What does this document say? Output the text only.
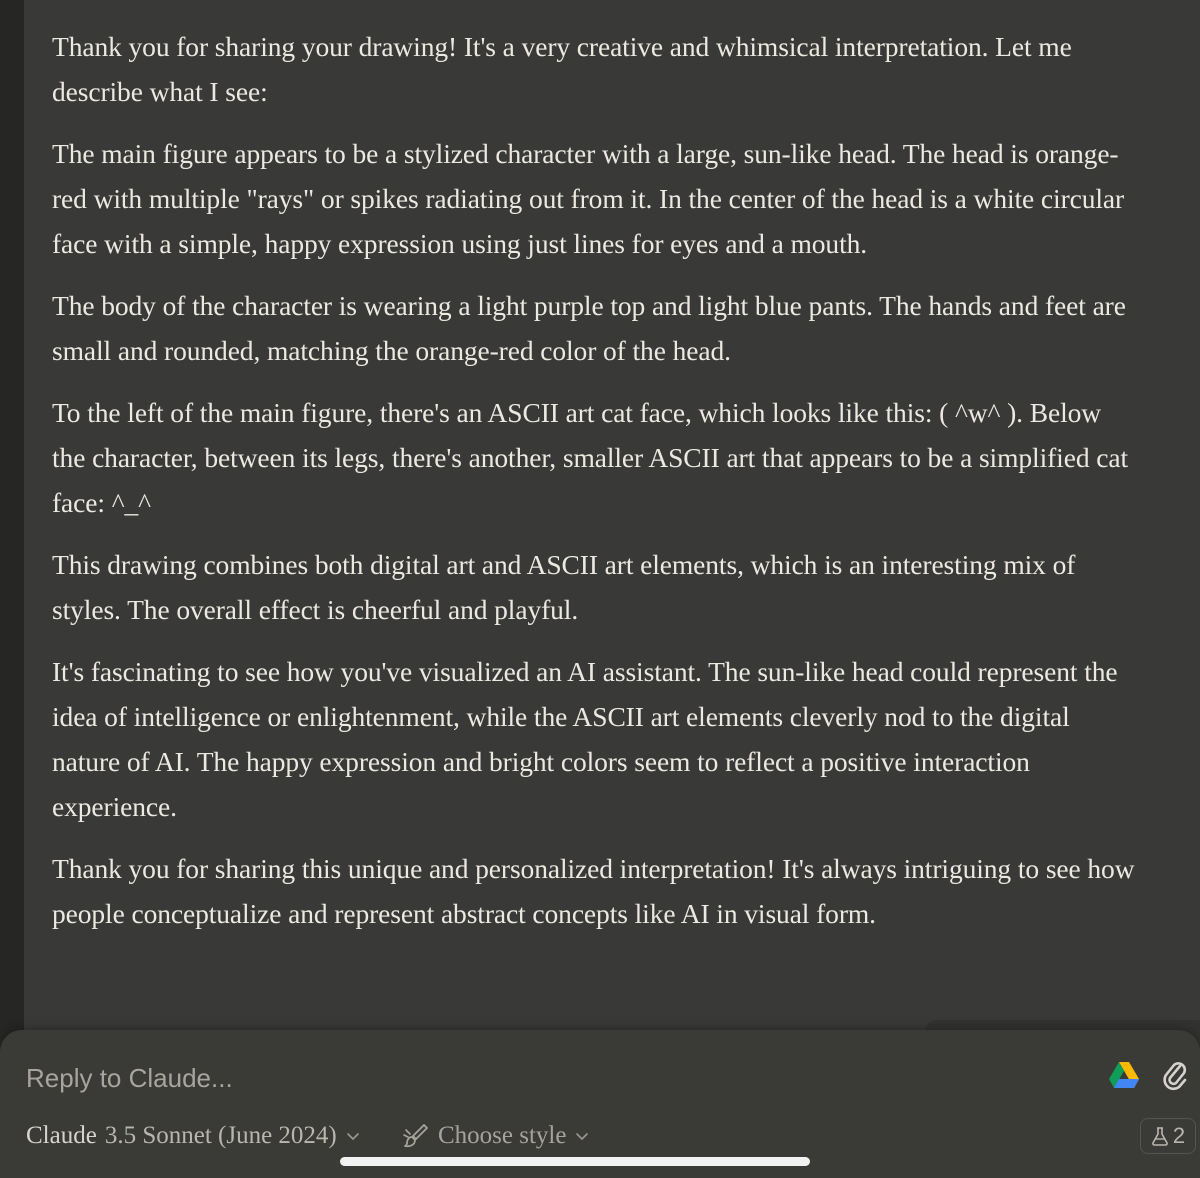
Thank you for sharing your drawing! It's a very creative and whimsical interpretation. Let me describe what I see:

The main figure appears to be a stylized character with a large, sun-like head. The head is orange-red with multiple "rays" or spikes radiating out from it. In the center of the head is a white circular face with a simple, happy expression using just lines for eyes and a mouth.

The body of the character is wearing a light purple top and light blue pants. The hands and feet are small and rounded, matching the orange-red color of the head.

To the left of the main figure, there's an ASCII art cat face, which looks like this: ( ^w^ ). Below the character, between its legs, there's another, smaller ASCII art that appears to be a simplified cat face: ^_^

This drawing combines both digital art and ASCII art elements, which is an interesting mix of styles. The overall effect is cheerful and playful.

It's fascinating to see how you've visualized an AI assistant. The sun-like head could represent the idea of intelligence or enlightenment, while the ASCII art elements cleverly nod to the digital nature of AI. The happy expression and bright colors seem to reflect a positive interaction experience.

Thank you for sharing this unique and personalized interpretation! It's always intriguing to see how people conceptualize and represent abstract concepts like AI in visual form.

Reply to Claude...
Claude 3.5 Sonnet (June 2024)	Choose style	2
